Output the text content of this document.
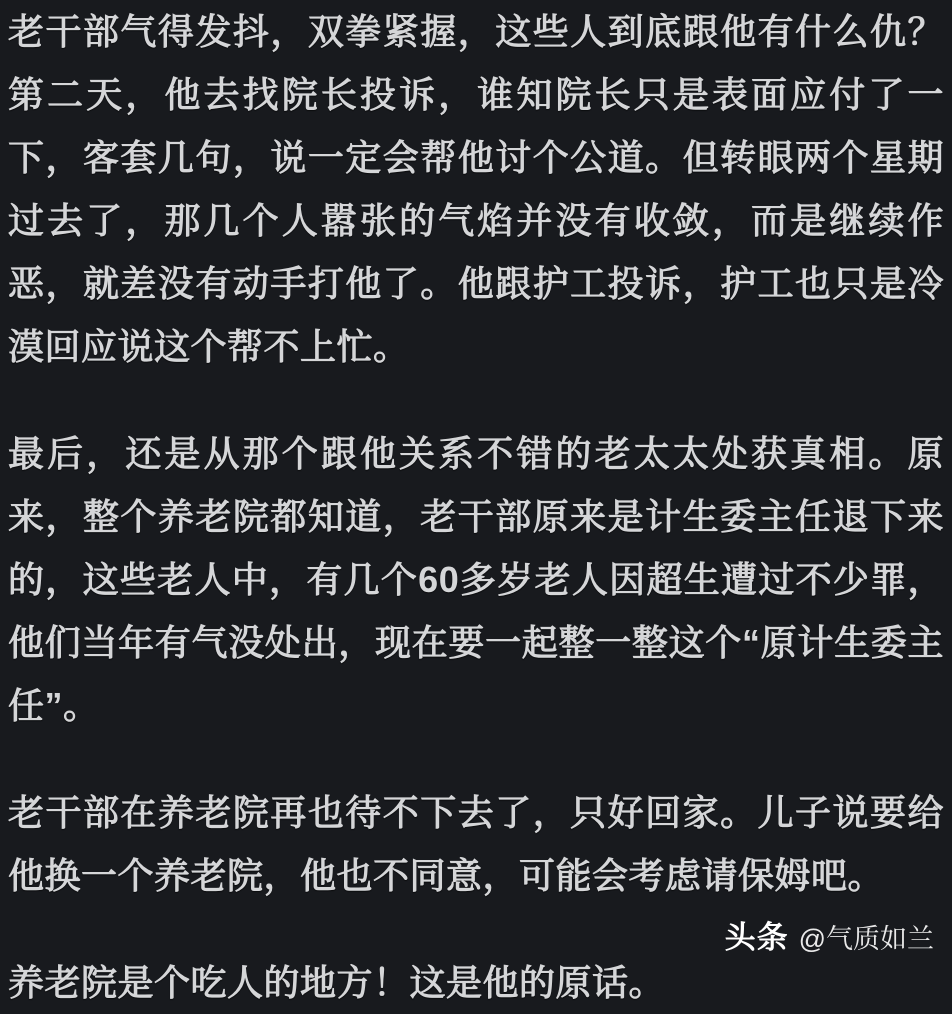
老干部气得发抖，双拳紧握，这些人到底跟他有什么仇？第二天，他去找院长投诉，谁知院长只是表面应付了一下，客套几句，说一定会帮他讨个公道。但转眼两个星期过去了，那几个人嚣张的气焰并没有收敛，而是继续作恶，就差没有动手打他了。他跟护工投诉，护工也只是冷漠回应说这个帮不上忙。

最后，还是从那个跟他关系不错的老太太处获真相。原来，整个养老院都知道，老干部原来是计生委主任退下来的，这些老人中，有几个60多岁老人因超生遭过不少罪，他们当年有气没处出，现在要一起整一整这个“原计生委主任”。

老干部在养老院再也待不下去了，只好回家。儿子说要给他换一个养老院，他也不同意，可能会考虑请保姆吧。

养老院是个吃人的地方！这是他的原话。

头条 @气质如兰
